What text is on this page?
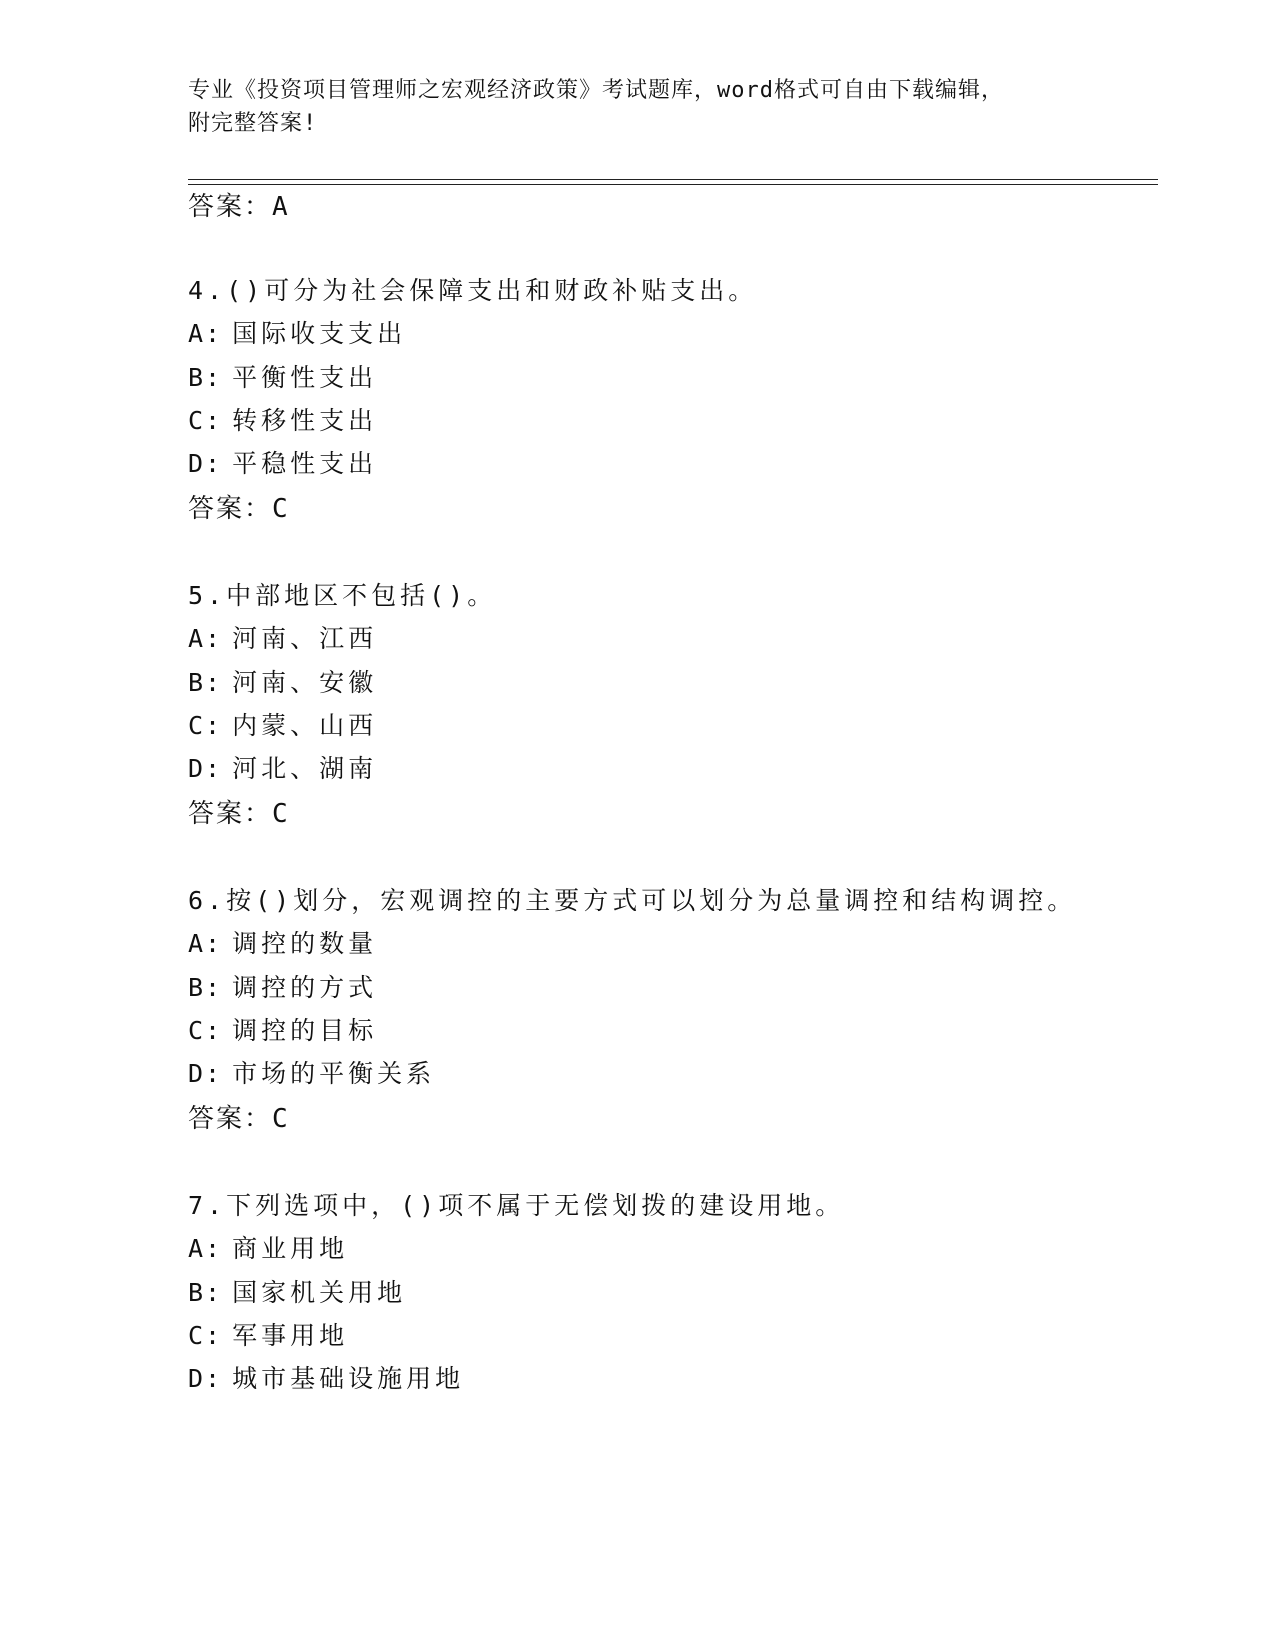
专业《投资项目管理师之宏观经济政策》考试题库，word格式可自由下载编辑，
附完整答案!
答案：A
4.()可分为社会保障支出和财政补贴支出。
A: 国际收支支出
B: 平衡性支出
C: 转移性支出
D: 平稳性支出
答案：C
5.中部地区不包括()。
A: 河南、江西
B: 河南、安徽
C: 内蒙、山西
D: 河北、湖南
答案：C
6.按()划分，宏观调控的主要方式可以划分为总量调控和结构调控。
A: 调控的数量
B: 调控的方式
C: 调控的目标
D: 市场的平衡关系
答案：C
7.下列选项中，()项不属于无偿划拨的建设用地。
A: 商业用地
B: 国家机关用地
C: 军事用地
D: 城市基础设施用地
